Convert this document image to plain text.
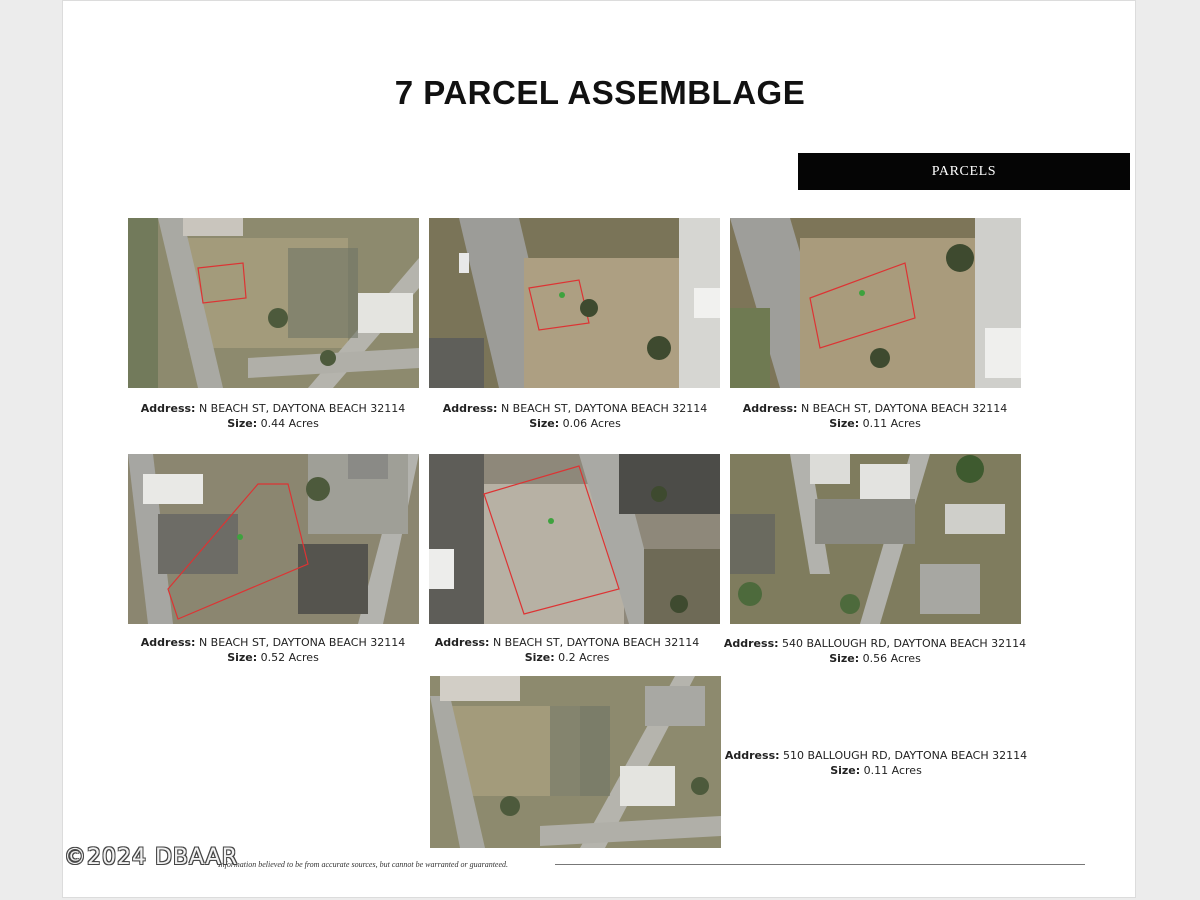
7 PARCEL ASSEMBLAGE
PARCELS
Address: N BEACH ST, DAYTONA BEACH 32114
Size: 0.44 Acres
Address: N BEACH ST, DAYTONA BEACH 32114
Size: 0.06 Acres
Address: N BEACH ST, DAYTONA BEACH 32114
Size: 0.11 Acres
Address: N BEACH ST, DAYTONA BEACH 32114
Size: 0.52 Acres
Address: N BEACH ST, DAYTONA BEACH 32114
Size: 0.2 Acres
Address: 540 BALLOUGH RD, DAYTONA BEACH 32114
Size: 0.56 Acres
Address: 510 BALLOUGH RD, DAYTONA BEACH 32114
Size: 0.11 Acres
Information believed to be from accurate sources, but cannot be warranted or guaranteed.
©2024 DBAAR
